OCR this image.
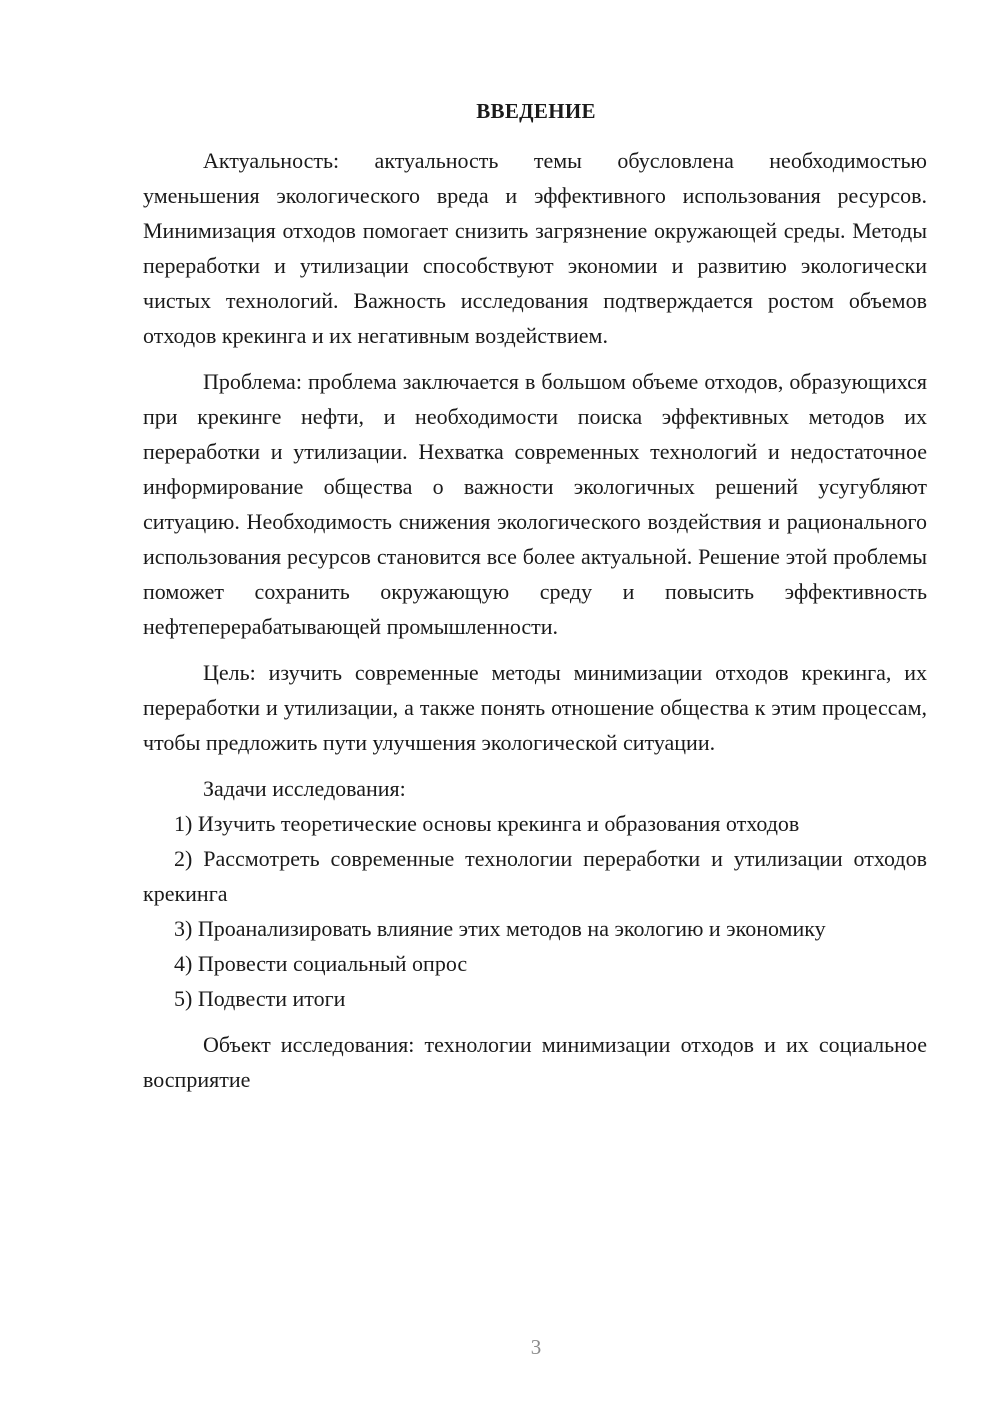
ВВЕДЕНИЕ

Актуальность: актуальность темы обусловлена необходимостью уменьшения экологического вреда и эффективного использования ресурсов. Минимизация отходов помогает снизить загрязнение окружающей среды. Методы переработки и утилизации способствуют экономии и развитию экологически чистых технологий. Важность исследования подтверждается ростом объемов отходов крекинга и их негативным воздействием.

Проблема: проблема заключается в большом объеме отходов, образующихся при крекинге нефти, и необходимости поиска эффективных методов их переработки и утилизации. Нехватка современных технологий и недостаточное информирование общества о важности экологичных решений усугубляют ситуацию. Необходимость снижения экологического воздействия и рационального использования ресурсов становится все более актуальной. Решение этой проблемы поможет сохранить окружающую среду и повысить эффективность нефтеперерабатывающей промышленности.

Цель: изучить современные методы минимизации отходов крекинга, их переработки и утилизации, а также понять отношение общества к этим процессам, чтобы предложить пути улучшения экологической ситуации.

Задачи исследования:

1) Изучить теоретические основы крекинга и образования отходов

2) Рассмотреть современные технологии переработки и утилизации отходов крекинга

3) Проанализировать влияние этих методов на экологию и экономику

4) Провести социальный опрос

5) Подвести итоги

Объект исследования: технологии минимизации отходов и их социальное восприятие

3
